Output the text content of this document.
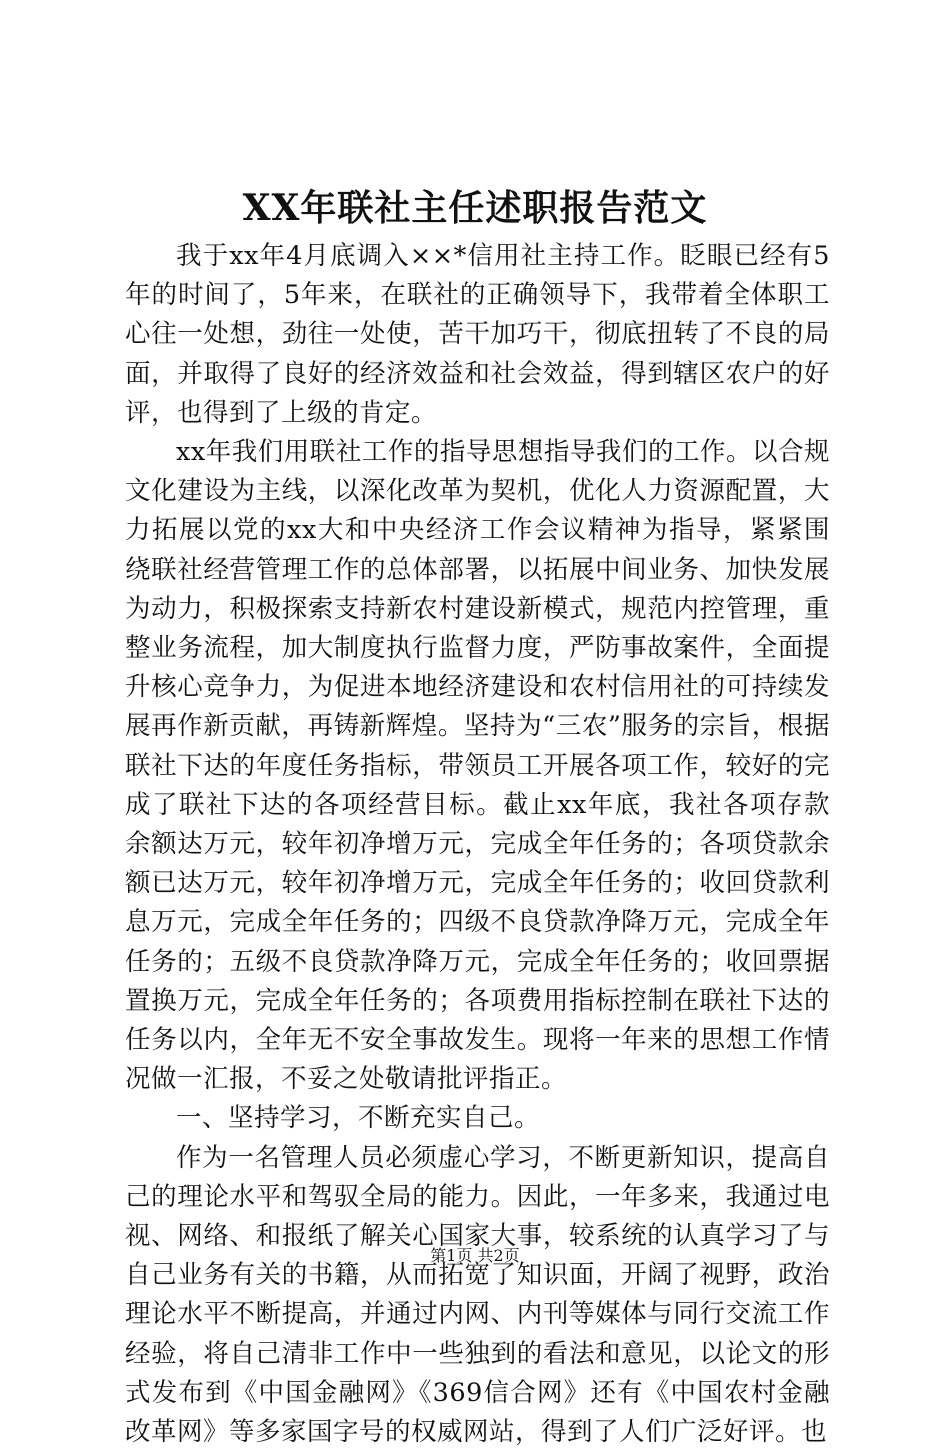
XX年联社主任述职报告范文

我于xx年4月底调入××*信用社主持工作。眨眼已经有5年的时间了，5年来，在联社的正确领导下，我带着全体职工心往一处想，劲往一处使，苦干加巧干，彻底扭转了不良的局面，并取得了良好的经济效益和社会效益，得到辖区农户的好评，也得到了上级的肯定。

xx年我们用联社工作的指导思想指导我们的工作。以合规文化建设为主线，以深化改革为契机，优化人力资源配置，大力拓展以党的xx大和中央经济工作会议精神为指导，紧紧围绕联社经营管理工作的总体部署，以拓展中间业务、加快发展为动力，积极探索支持新农村建设新模式，规范内控管理，重整业务流程，加大制度执行监督力度，严防事故案件，全面提升核心竞争力，为促进本地经济建设和农村信用社的可持续发展再作新贡献，再铸新辉煌。坚持为“三农”服务的宗旨，根据联社下达的年度任务指标，带领员工开展各项工作，较好的完成了联社下达的各项经营目标。截止xx年底，我社各项存款余额达万元，较年初净增万元，完成全年任务的；各项贷款余额已达万元，较年初净增万元，完成全年任务的；收回贷款利息万元，完成全年任务的；四级不良贷款净降万元，完成全年任务的；五级不良贷款净降万元，完成全年任务的；收回票据置换万元，完成全年任务的；各项费用指标控制在联社下达的任务以内，全年无不安全事故发生。现将一年来的思想工作情况做一汇报，不妥之处敬请批评指正。

一、坚持学习，不断充实自己。

作为一名管理人员必须虚心学习，不断更新知识，提高自己的理论水平和驾驭全局的能力。因此，一年多来，我通过电视、网络、和报纸了解关心国家大事，较系统的认真学习了与自己业务有关的书籍，从而拓宽了知识面，开阔了视野，政治理论水平不断提高，并通过内网、内刊等媒体与同行交流工作经验，将自己清非工作中一些独到的看法和意见，以论文的形式发布到《中国金融网》《369信合网》还有《中国农村金融改革网》等多家国字号的权威网站，得到了人们广泛好评。也

第1页 共2页
